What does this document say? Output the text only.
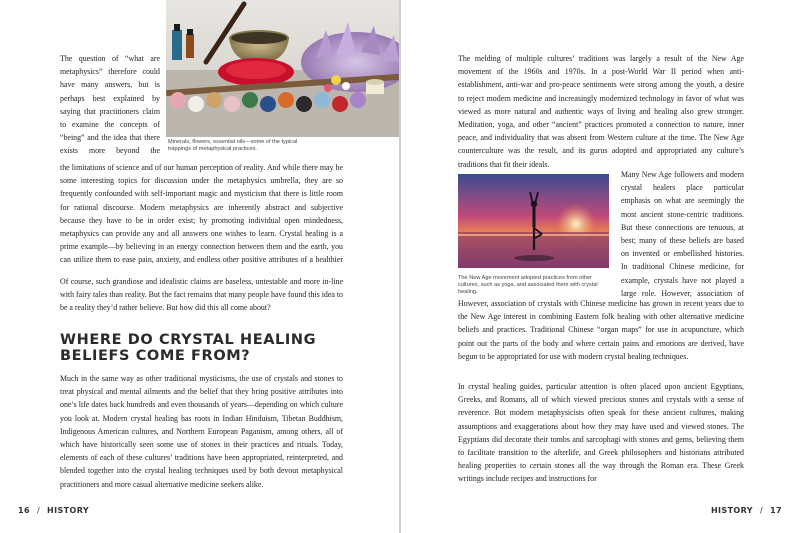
Minerals, flowers, essential oils—some of the typical trappings of metaphysical practices.

The question of “what are metaphysics” therefore could have many answers, but is perhaps best explained by saying that practitioners claim to examine the concepts of “being” and the idea that there exists more beyond the

the limitations of science and of our human perception of reality. And while there may be some interesting topics for discussion under the metaphysics umbrella, they are so frequently confounded with self-important magic and mysticism that there is little room for rational discourse. Modern metaphysics are inherently abstract and subjective because they have to be in order exist; by promoting individual open mindedness, metaphysics can provide any and all answers one wishes to learn. Crystal healing is a prime example—by believing in an energy connection between them and the earth, you can utilize them to ease pain, anxiety, and endless other positive attributes of a healthier

Of course, such grandiose and idealistic claims are baseless, untestable and more in-line with fairy tales than reality. But the fact remains that many people have found this idea to be a reality they’d rather believe. But how did this all come about?

WHERE DO CRYSTAL HEALING
BELIEFS COME FROM?

Much in the same way as other traditional mysticisms, the use of crystals and stones to treat physical and mental ailments and the belief that they bring positive attributes into one’s life dates back hundreds and even thousands of years—depending on which culture you look at. Modern crystal healing has roots in Indian Hinduism, Tibetan Buddhism, Indigenous American cultures, and Northern European Paganism, among others, all of which have historically seen some use of stones in their practices and rituals. Today, elements of each of these cultures’ traditions have been appropriated, reinterpreted, and blended together into the crystal healing techniques used by both devout metaphysical practitioners and more casual alternative medicine seekers alike.

16 / HISTORY

The melding of multiple cultures’ traditions was largely a result of the New Age movement of the 1960s and 1970s. In a post-World War II period when anti-establishment, anti-war and pro-peace sentiments were strong among the youth, a desire to reject modern medicine and increasingly modernized technology in favor of what was viewed as more natural and authentic ways of living and healing also grew stronger. Meditation, yoga, and other “ancient” practices promoted a connection to nature, inner peace, and individuality that was absent from Western culture at the time. The New Age counterculture was the result, and its gurus adopted and appropriated any culture’s traditions that fit their ideals.

The New Age movement adopted practices from other cultures, such as yoga, and associated them with crystal healing.

Many New Age followers and modern crystal healers place particular emphasis on what are seemingly the most ancient stone-centric traditions. But these connections are tenuous, at best; many of these beliefs are based on invented or embellished histories. In traditional Chinese medicine, for example, crystals have not played a large role. However, association of

However, association of crystals with Chinese medicine has grown in recent years due to the New Age interest in combining Eastern folk healing with other alternative medicine beliefs and practices. Traditional Chinese “organ maps” for use in acupuncture, which point out the parts of the body and where certain pains and emotions are derived, have begun to be appropriated for use with modern crystal healing techniques.

In crystal healing guides, particular attention is often placed upon ancient Egyptians, Greeks, and Romans, all of which viewed precious stones and crystals with a sense of reverence. But modern metaphysicists often speak for these ancient cultures, making assumptions and exaggerations about how they may have used and viewed stones. The Egyptians did decorate their tombs and sarcophagi with stones and gems, believing them to facilitate transition to the afterlife, and Greek philosophers and historians attributed healing properties to certain stones all the way through the Roman era. These Greek writings include recipes and instructions for

HISTORY / 17
